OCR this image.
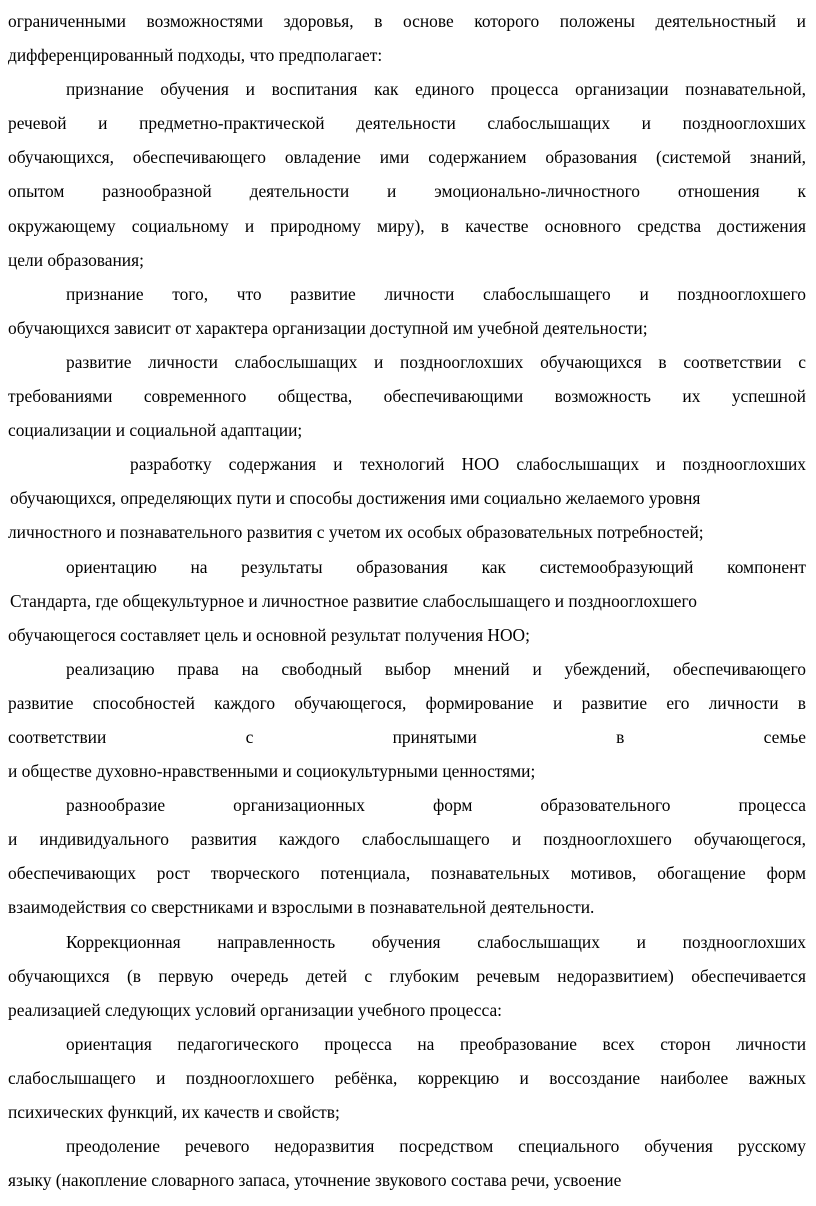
ограниченными возможностями здоровья, в основе которого положены деятельностный и
дифференцированный подходы, что предполагает:
признание обучения и воспитания как единого процесса организации познавательной,
речевой и предметно-практической деятельности слабослышащих и позднооглохших
обучающихся, обеспечивающего овладение ими содержанием образования (системой знаний,
опытом разнообразной деятельности и эмоционально-личностного отношения к
окружающему социальному и природному миру), в качестве основного средства достижения
цели образования;
признание того, что развитие личности слабослышащего и позднооглохшего
обучающихся зависит от характера организации доступной им учебной деятельности;
развитие личности слабослышащих и позднооглохших обучающихся в соответствии с
требованиями современного общества, обеспечивающими возможность их успешной
социализации и социальной адаптации;
разработку содержания и технологий НОО слабослышащих и позднооглохших
обучающихся, определяющих пути и способы достижения ими социально желаемого уровня
личностного и познавательного развития с учетом их особых образовательных потребностей;
ориентацию на результаты образования как системообразующий компонент
Стандарта, где общекультурное и личностное развитие слабослышащего и позднооглохшего
обучающегося составляет цель и основной результат получения НОО;
реализацию права на свободный выбор мнений и убеждений, обеспечивающего
развитие способностей каждого обучающегося, формирование и развитие его личности в
соответствии с принятыми в семье
и обществе духовно-нравственными и социокультурными ценностями;
разнообразие организационных форм образовательного процесса
и индивидуального развития каждого слабослышащего и позднооглохшего обучающегося,
обеспечивающих рост творческого потенциала, познавательных мотивов, обогащение форм
взаимодействия со сверстниками и взрослыми в познавательной деятельности.
Коррекционная направленность обучения слабослышащих и позднооглохших
обучающихся (в первую очередь детей с глубоким речевым недоразвитием) обеспечивается
реализацией следующих условий организации учебного процесса:
ориентация педагогического процесса на преобразование всех сторон личности
слабослышащего и позднооглохшего ребёнка, коррекцию и воссоздание наиболее важных
психических функций, их качеств и свойств;
преодоление речевого недоразвития посредством специального обучения русскому
языку (накопление словарного запаса, уточнение звукового состава речи, усвоение
